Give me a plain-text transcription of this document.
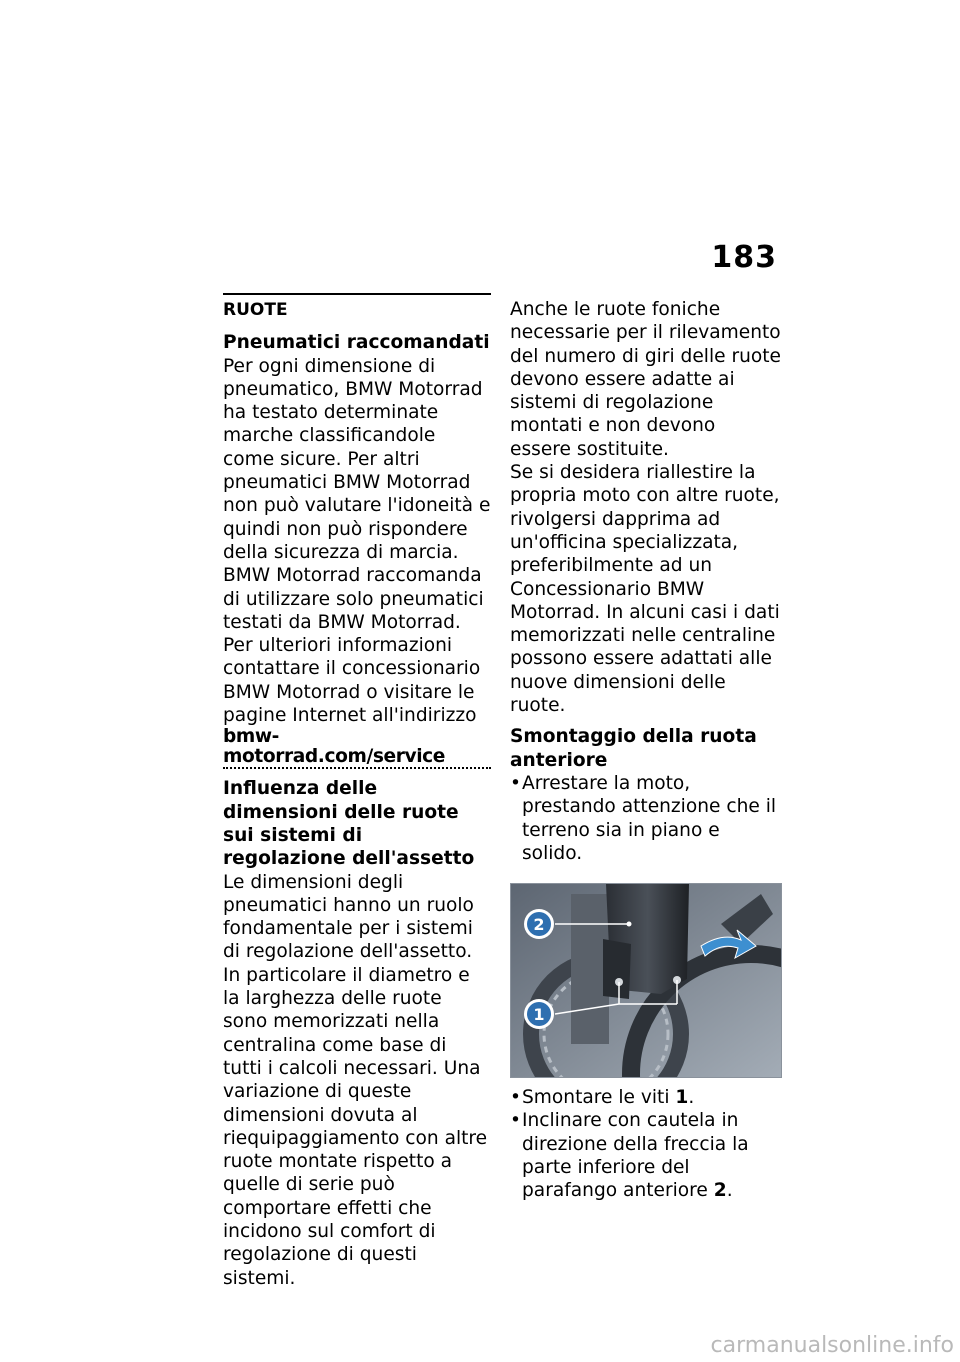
183
RUOTE
Pneumatici raccomandati

Per ogni dimensione di pneumatico, BMW Motorrad ha testato determinate marche classificandole come sicure. Per altri pneumatici BMW Motorrad non può valutare l'idoneità e quindi non può rispondere della sicurezza di marcia.

BMW Motorrad raccomanda di utilizzare solo pneumatici testati da BMW Motorrad.

Per ulteriori informazioni contattare il concessionario BMW Motorrad o visitare le pagine Internet all'indirizzo

bmw-motorrad.com/service
Influenza delle dimensioni delle ruote sui sistemi di regolazione dell'assetto

Le dimensioni degli pneumatici hanno un ruolo fondamentale per i sistemi di regolazione dell'assetto. In particolare il diametro e la larghezza delle ruote sono memorizzati nella centralina come base di tutti i calcoli necessari. Una variazione di queste dimensioni dovuta al riequipaggiamento con altre ruote montate rispetto a quelle di serie può comportare effetti che incidono sul comfort di regolazione di questi sistemi.

Anche le ruote foniche necessarie per il rilevamento del numero di giri delle ruote devono essere adatte ai sistemi di regolazione montati e non devono essere sostituite.

Se si desidera riallestire la propria moto con altre ruote, rivolgersi dapprima ad un'officina specializzata, preferibilmente ad un Concessionario BMW Motorrad. In alcuni casi i dati memorizzati nelle centraline possono essere adattati alle nuove dimensioni delle ruote.

Smontaggio della ruota anteriore
• Arrestare la moto, prestando attenzione che il terreno sia in piano e solido.
2
1
• Smontare le viti 1.
• Inclinare con cautela in direzione della freccia la parte inferiore del parafango anteriore 2.
carmanualsonline.info
